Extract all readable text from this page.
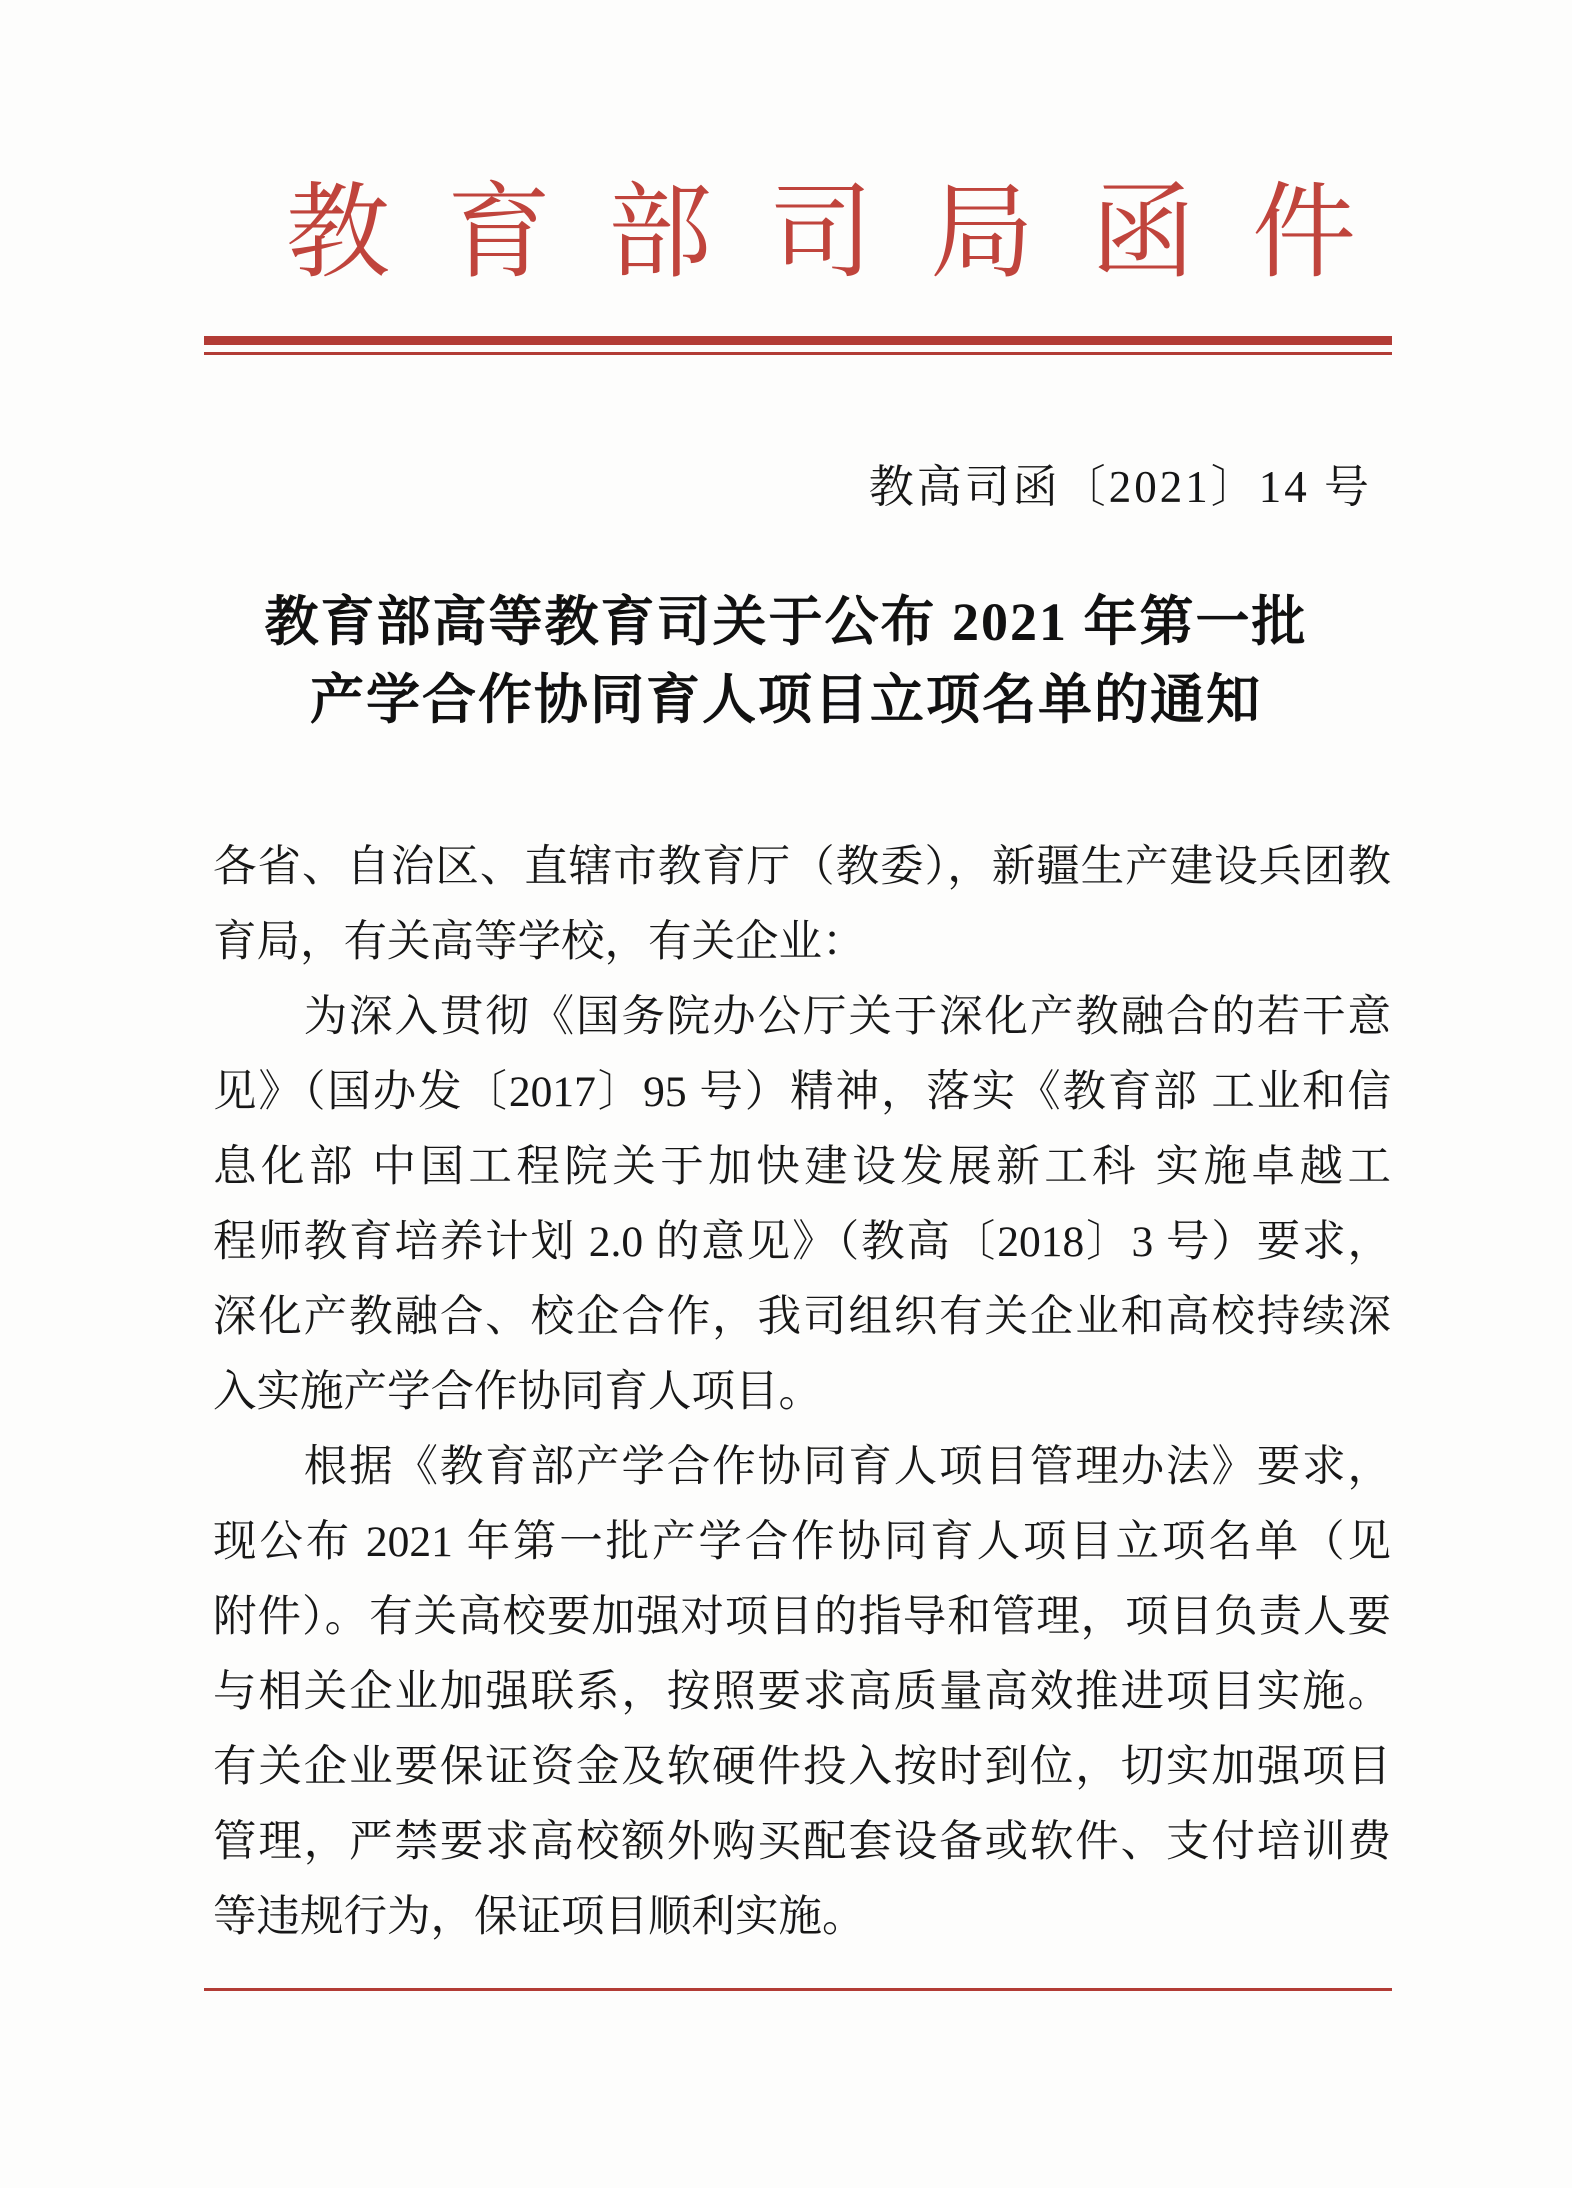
教育部司局函件
教高司函〔2021〕14 号
教育部高等教育司关于公布 2021 年第一批
产学合作协同育人项目立项名单的通知
各省、自治区、直辖市教育厅（教委），新疆生产建设兵团教
育局，有关高等学校，有关企业：
　　为深入贯彻《国务院办公厅关于深化产教融合的若干意
见》（国办发〔2017〕95 号）精神，落实《教育部 工业和信
息化部 中国工程院关于加快建设发展新工科 实施卓越工
程师教育培养计划 2.0 的意见》（教高〔2018〕3 号）要求，
深化产教融合、校企合作，我司组织有关企业和高校持续深
入实施产学合作协同育人项目。
　　根据《教育部产学合作协同育人项目管理办法》要求，
现公布 2021 年第一批产学合作协同育人项目立项名单（见
附件）。有关高校要加强对项目的指导和管理，项目负责人要
与相关企业加强联系，按照要求高质量高效推进项目实施。
有关企业要保证资金及软硬件投入按时到位，切实加强项目
管理，严禁要求高校额外购买配套设备或软件、支付培训费
等违规行为，保证项目顺利实施。
